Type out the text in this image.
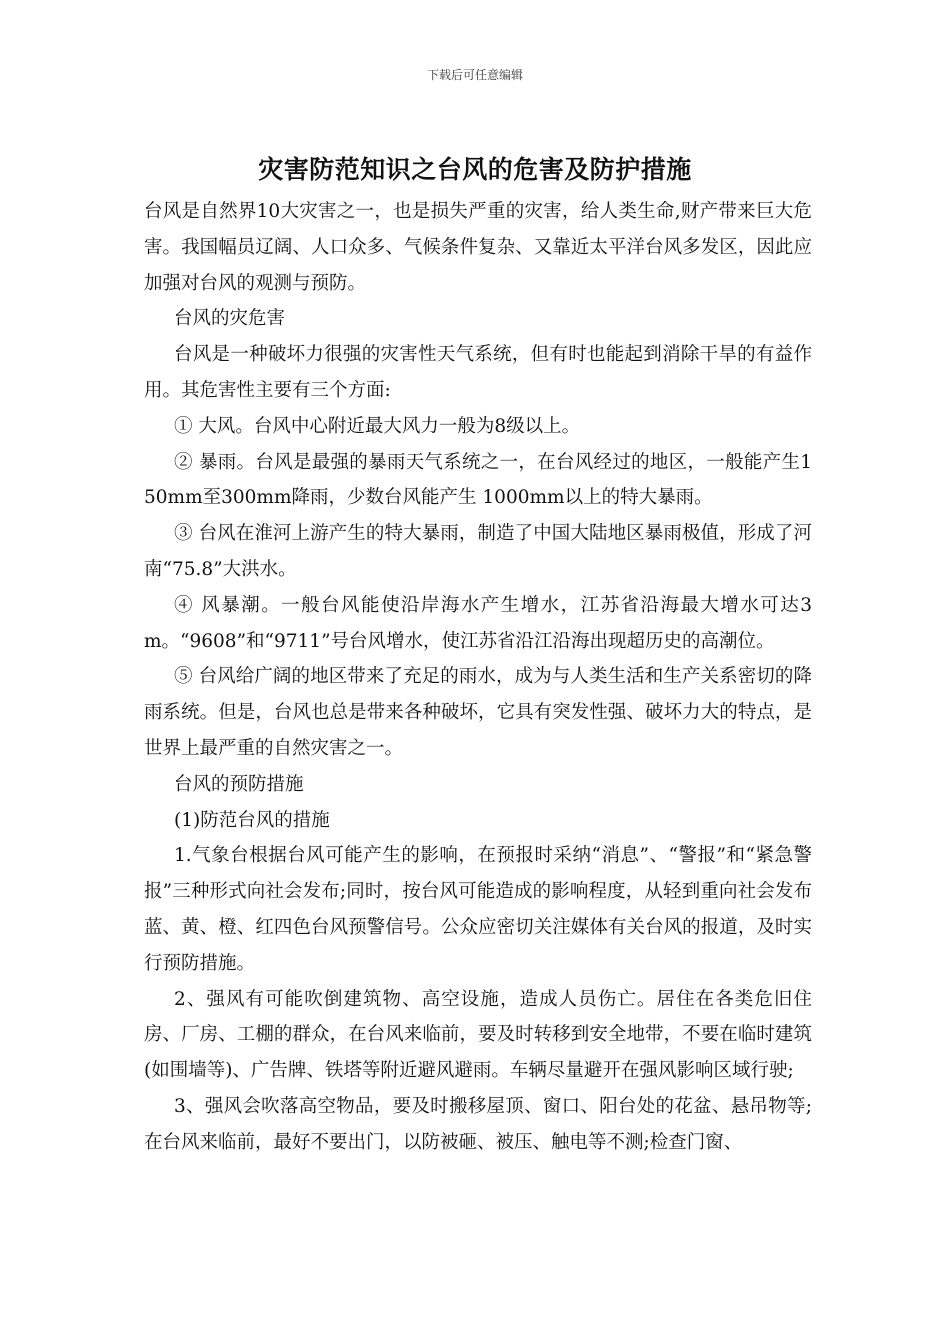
下载后可任意编辑
灾害防范知识之台风的危害及防护措施

台风是自然界10大灾害之一，也是损失严重的灾害，给人类生命,财产带来巨大危害。我国幅员辽阔、人口众多、气候条件复杂、又靠近太平洋台风多发区，因此应加强对台风的观测与预防。

台风的灾危害

台风是一种破坏力很强的灾害性天气系统，但有时也能起到消除干旱的有益作用。其危害性主要有三个方面:

① 大风。台风中心附近最大风力一般为8级以上。

② 暴雨。台风是最强的暴雨天气系统之一，在台风经过的地区，一般能产生150mm至300mm降雨，少数台风能产生 1000mm以上的特大暴雨。

③ 台风在淮河上游产生的特大暴雨，制造了中国大陆地区暴雨极值，形成了河南“75.8”大洪水。

④ 风暴潮。一般台风能使沿岸海水产生增水，江苏省沿海最大增水可达3m。“9608”和“9711”号台风增水，使江苏省沿江沿海出现超历史的高潮位。

⑤ 台风给广阔的地区带来了充足的雨水，成为与人类生活和生产关系密切的降雨系统。但是，台风也总是带来各种破坏，它具有突发性强、破坏力大的特点，是世界上最严重的自然灾害之一。

台风的预防措施

(1)防范台风的措施

1.气象台根据台风可能产生的影响，在预报时采纳“消息”、“警报”和“紧急警报”三种形式向社会发布;同时，按台风可能造成的影响程度，从轻到重向社会发布蓝、黄、橙、红四色台风预警信号。公众应密切关注媒体有关台风的报道，及时实行预防措施。

2、强风有可能吹倒建筑物、高空设施，造成人员伤亡。居住在各类危旧住房、厂房、工棚的群众，在台风来临前，要及时转移到安全地带，不要在临时建筑(如围墙等)、广告牌、铁塔等附近避风避雨。车辆尽量避开在强风影响区域行驶;

3、强风会吹落高空物品，要及时搬移屋顶、窗口、阳台处的花盆、悬吊物等;在台风来临前，最好不要出门，以防被砸、被压、触电等不测;检查门窗、
